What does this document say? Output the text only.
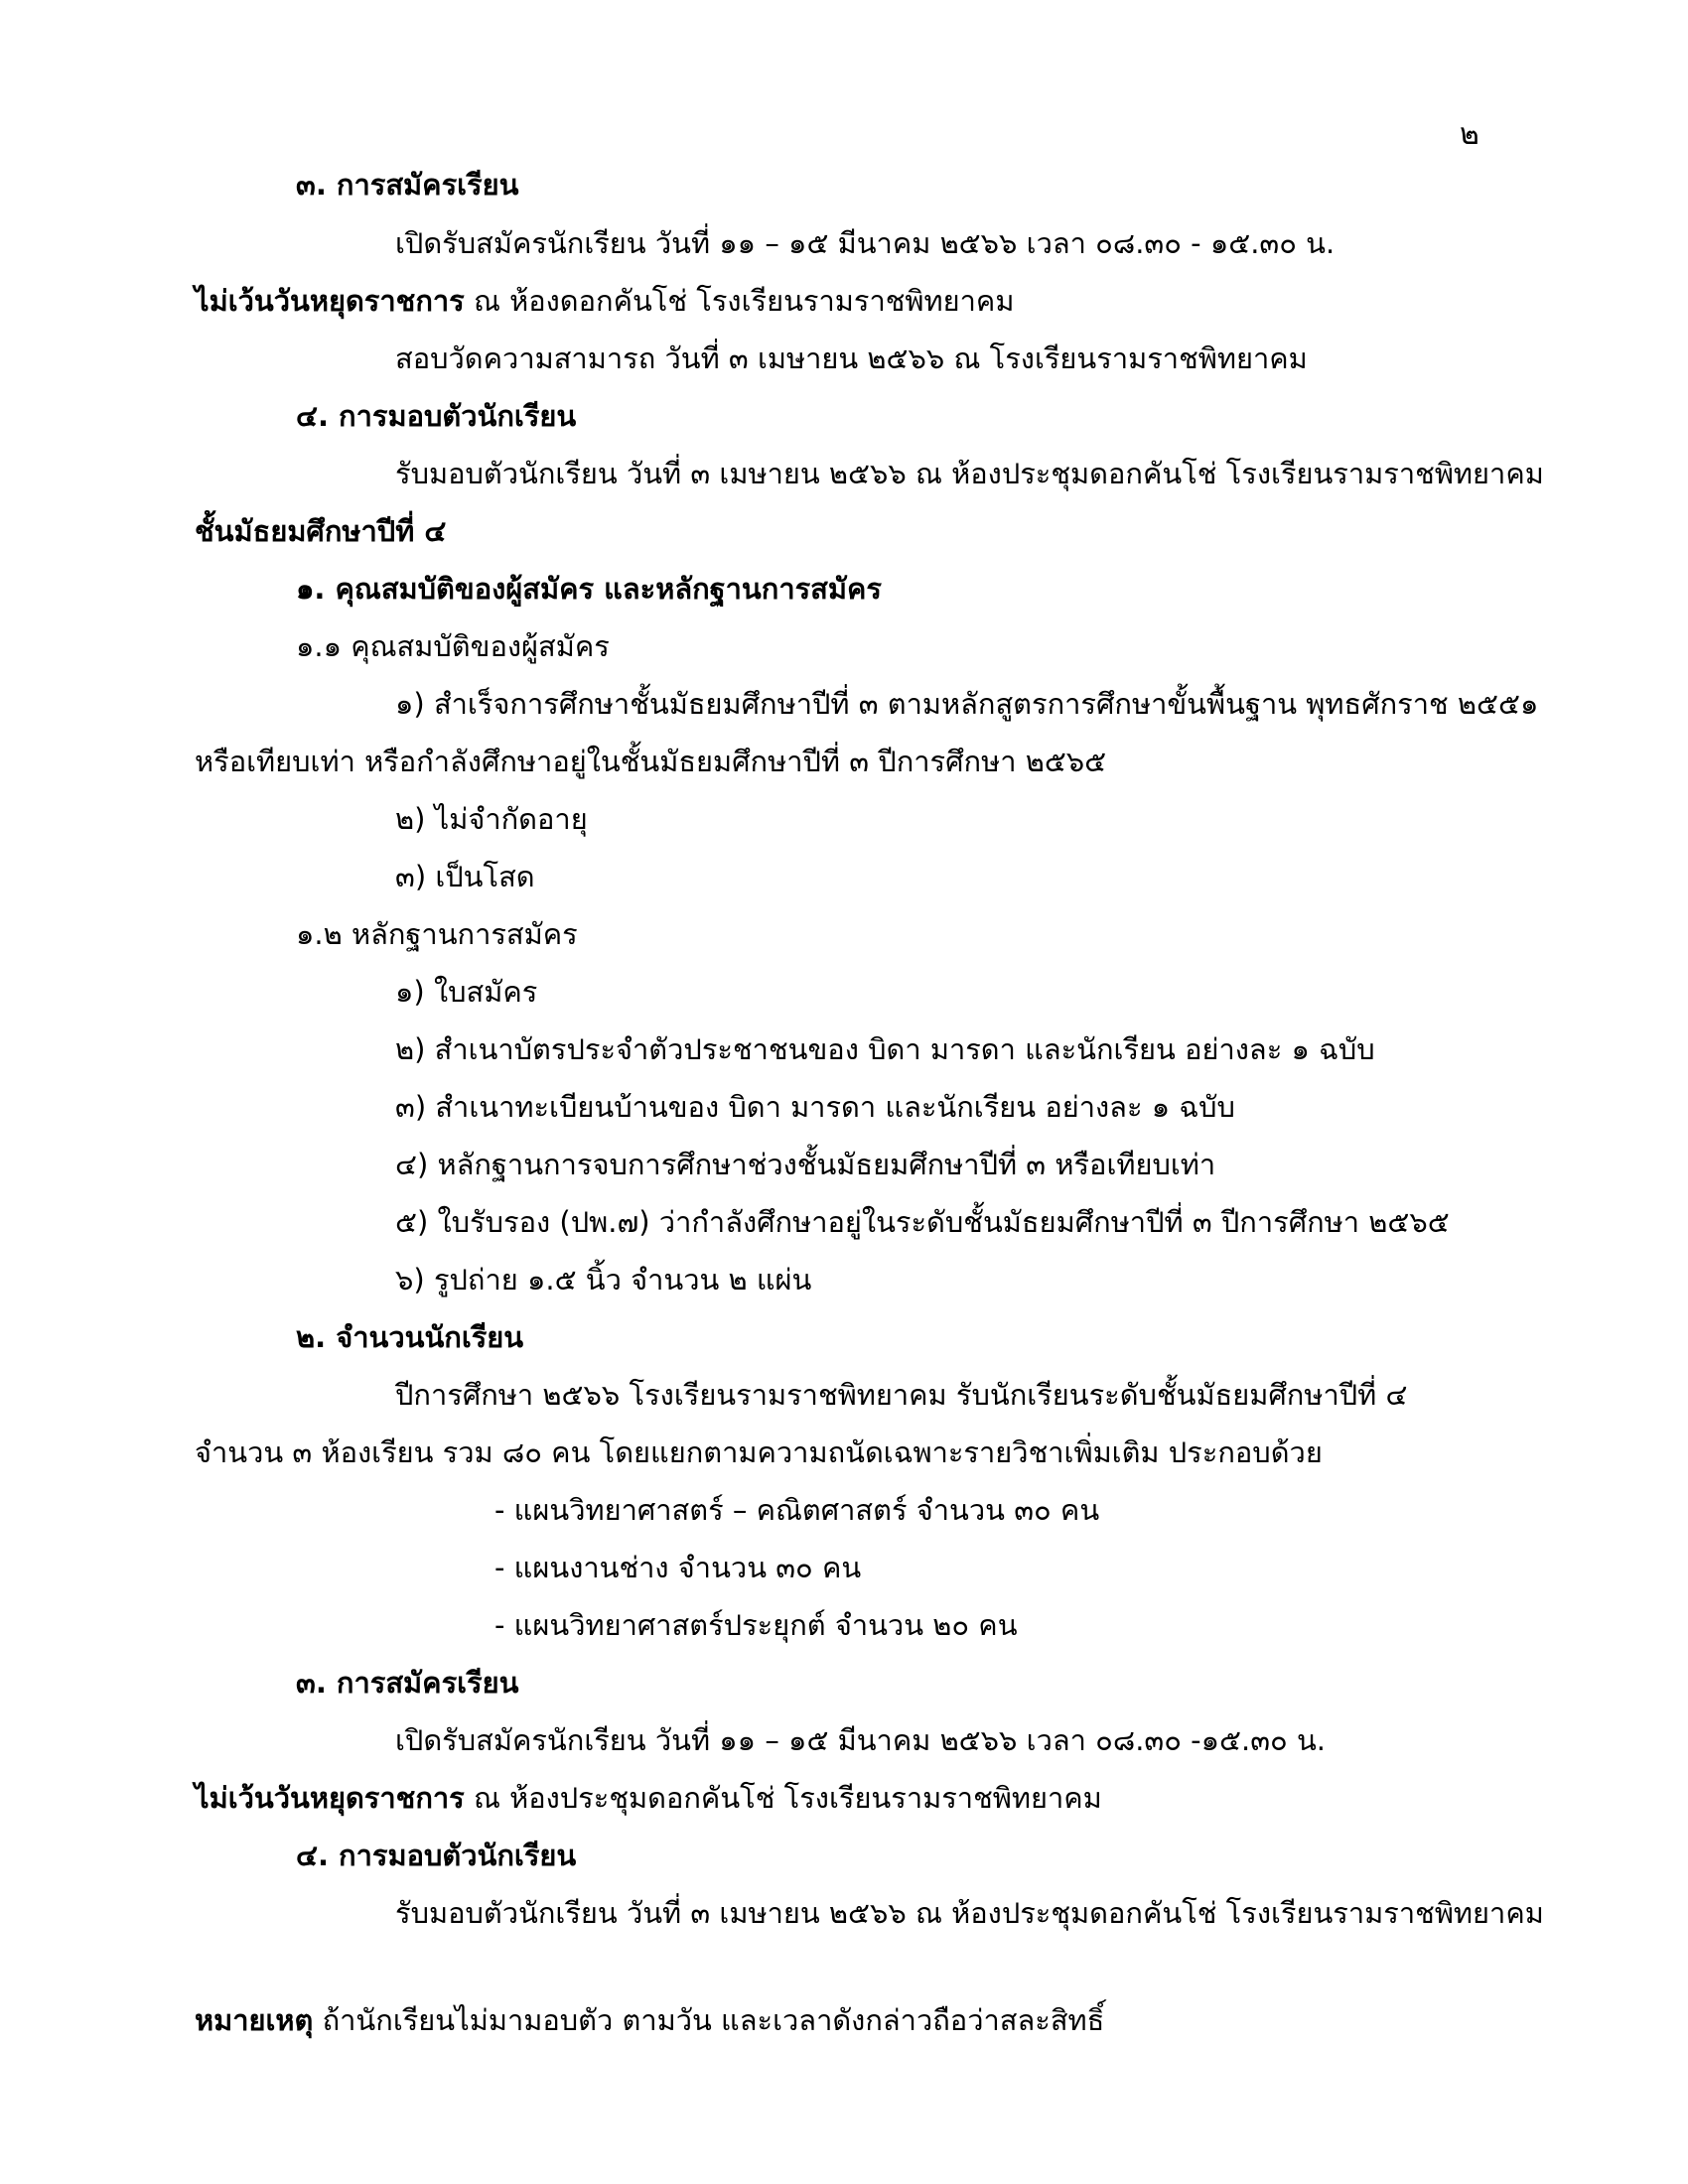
๒
๓. การสมัครเรียน
เปิดรับสมัครนักเรียน วันที่ ๑๑ – ๑๕ มีนาคม ๒๕๖๖ เวลา ๐๘.๓๐ - ๑๕.๓๐ น.
ไม่เว้นวันหยุดราชการ ณ ห้องดอกคันโช่ โรงเรียนรามราชพิทยาคม
สอบวัดความสามารถ วันที่ ๓ เมษายน ๒๕๖๖ ณ โรงเรียนรามราชพิทยาคม
๔. การมอบตัวนักเรียน
รับมอบตัวนักเรียน วันที่ ๓ เมษายน ๒๕๖๖ ณ ห้องประชุมดอกคันโช่ โรงเรียนรามราชพิทยาคม
ชั้นมัธยมศึกษาปีที่ ๔
๑. คุณสมบัติของผู้สมัคร และหลักฐานการสมัคร
๑.๑ คุณสมบัติของผู้สมัคร
๑) สำเร็จการศึกษาชั้นมัธยมศึกษาปีที่ ๓ ตามหลักสูตรการศึกษาขั้นพื้นฐาน พุทธศักราช ๒๕๕๑
หรือเทียบเท่า หรือกำลังศึกษาอยู่ในชั้นมัธยมศึกษาปีที่ ๓ ปีการศึกษา ๒๕๖๕
๒) ไม่จำกัดอายุ
๓) เป็นโสด
๑.๒ หลักฐานการสมัคร
๑) ใบสมัคร
๒) สำเนาบัตรประจำตัวประชาชนของ บิดา มารดา และนักเรียน อย่างละ ๑ ฉบับ
๓) สำเนาทะเบียนบ้านของ บิดา มารดา และนักเรียน อย่างละ ๑ ฉบับ
๔) หลักฐานการจบการศึกษาช่วงชั้นมัธยมศึกษาปีที่ ๓ หรือเทียบเท่า
๕) ใบรับรอง (ปพ.๗) ว่ากำลังศึกษาอยู่ในระดับชั้นมัธยมศึกษาปีที่ ๓ ปีการศึกษา ๒๕๖๕
๖) รูปถ่าย ๑.๕ นิ้ว จำนวน ๒ แผ่น
๒. จำนวนนักเรียน
ปีการศึกษา ๒๕๖๖ โรงเรียนรามราชพิทยาคม รับนักเรียนระดับชั้นมัธยมศึกษาปีที่ ๔
จำนวน ๓ ห้องเรียน รวม ๘๐ คน โดยแยกตามความถนัดเฉพาะรายวิชาเพิ่มเติม ประกอบด้วย
- แผนวิทยาศาสตร์ – คณิตศาสตร์ จำนวน ๓๐ คน
- แผนงานช่าง จำนวน ๓๐ คน
- แผนวิทยาศาสตร์ประยุกต์ จำนวน ๒๐ คน
๓. การสมัครเรียน
เปิดรับสมัครนักเรียน วันที่ ๑๑ – ๑๕ มีนาคม ๒๕๖๖ เวลา ๐๘.๓๐ -๑๕.๓๐ น.
ไม่เว้นวันหยุดราชการ ณ ห้องประชุมดอกคันโช่ โรงเรียนรามราชพิทยาคม
๔. การมอบตัวนักเรียน
รับมอบตัวนักเรียน วันที่ ๓ เมษายน ๒๕๖๖ ณ ห้องประชุมดอกคันโช่ โรงเรียนรามราชพิทยาคม
หมายเหตุ ถ้านักเรียนไม่มามอบตัว ตามวัน และเวลาดังกล่าวถือว่าสละสิทธิ์
